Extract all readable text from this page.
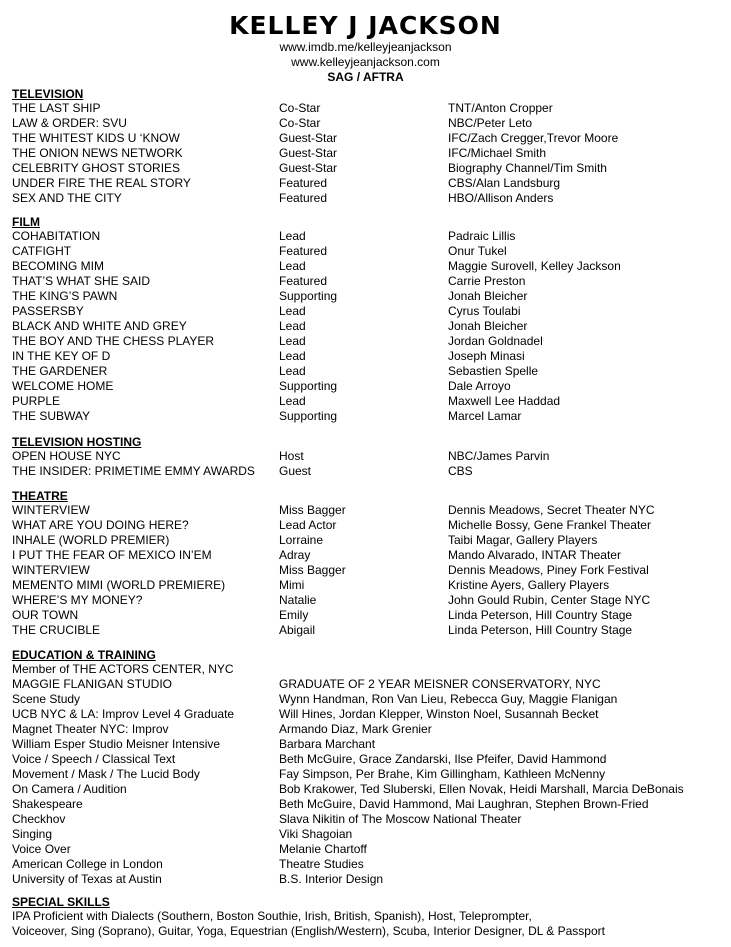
KELLEY J JACKSON
www.imdb.me/kelleyjeanjackson
www.kelleyjeanjackson.com
SAG / AFTRA
TELEVISION
THE LAST SHIP	Co-Star	TNT/Anton Cropper
LAW & ORDER: SVU	Co-Star	NBC/Peter Leto
THE WHITEST KIDS U ‘KNOW	Guest-Star	IFC/Zach Cregger,Trevor Moore
THE ONION NEWS NETWORK	Guest-Star	IFC/Michael Smith
CELEBRITY GHOST STORIES	Guest-Star	Biography Channel/Tim Smith
UNDER FIRE THE REAL STORY	Featured	CBS/Alan Landsburg
SEX AND THE CITY	Featured	HBO/Allison Anders
FILM
COHABITATION	Lead	Padraic Lillis
CATFIGHT	Featured	Onur Tukel
BECOMING MIM	Lead	Maggie Surovell, Kelley Jackson
THAT’S WHAT SHE SAID	Featured	Carrie Preston
THE KING’S PAWN	Supporting	Jonah Bleicher
PASSERSBY	Lead	Cyrus Toulabi
BLACK AND WHITE AND GREY	Lead	Jonah Bleicher
THE BOY AND THE CHESS PLAYER	Lead	Jordan Goldnadel
IN THE KEY OF D	Lead	Joseph Minasi
THE GARDENER	Lead	Sebastien Spelle
WELCOME HOME	Supporting	Dale Arroyo
PURPLE	Lead	Maxwell Lee Haddad
THE SUBWAY	Supporting	Marcel Lamar
TELEVISION HOSTING
OPEN HOUSE NYC	Host	NBC/James Parvin
THE INSIDER: PRIMETIME EMMY AWARDS Guest	CBS
THEATRE
WINTERVIEW	Miss Bagger	Dennis Meadows, Secret Theater NYC
WHAT ARE YOU DOING HERE?	Lead Actor	Michelle Bossy, Gene Frankel Theater
INHALE (WORLD PREMIER)	Lorraine	Taibi Magar, Gallery Players
I PUT THE FEAR OF MEXICO IN’EM	Adray	Mando Alvarado, INTAR Theater
WINTERVIEW	Miss Bagger	Dennis Meadows, Piney Fork Festival
MEMENTO MIMI (WORLD PREMIERE)	Mimi	Kristine Ayers, Gallery Players
WHERE’S MY MONEY?	Natalie	John Gould Rubin, Center Stage NYC
OUR TOWN	Emily	Linda Peterson, Hill Country Stage
THE CRUCIBLE	Abigail	Linda Peterson, Hill Country Stage
EDUCATION & TRAINING
Member of THE ACTORS CENTER, NYC
MAGGIE FLANIGAN STUDIO	GRADUATE OF 2 YEAR MEISNER CONSERVATORY, NYC
Scene Study	Wynn Handman, Ron Van Lieu, Rebecca Guy, Maggie Flanigan
UCB NYC & LA: Improv Level 4 Graduate	Will Hines, Jordan Klepper, Winston Noel, Susannah Becket
Magnet Theater NYC: Improv	Armando Diaz, Mark Grenier
William Esper Studio Meisner Intensive	Barbara Marchant
Voice / Speech / Classical Text	Beth McGuire, Grace Zandarski, Ilse Pfeifer, David Hammond
Movement / Mask / The Lucid Body	Fay Simpson, Per Brahe, Kim Gillingham, Kathleen McNenny
On Camera / Audition	Bob Krakower, Ted Sluberski, Ellen Novak, Heidi Marshall, Marcia DeBonais
Shakespeare	Beth McGuire, David Hammond, Mai Laughran, Stephen Brown-Fried
Checkhov	Slava Nikitin of The Moscow National Theater
Singing	Viki Shagoian
Voice Over	Melanie Chartoff
American College in London	Theatre Studies
University of Texas at Austin	B.S. Interior Design
SPECIAL SKILLS
IPA Proficient with Dialects (Southern, Boston Southie, Irish, British, Spanish), Host, Teleprompter,
Voiceover, Sing (Soprano), Guitar, Yoga, Equestrian (English/Western), Scuba, Interior Designer, DL & Passport
